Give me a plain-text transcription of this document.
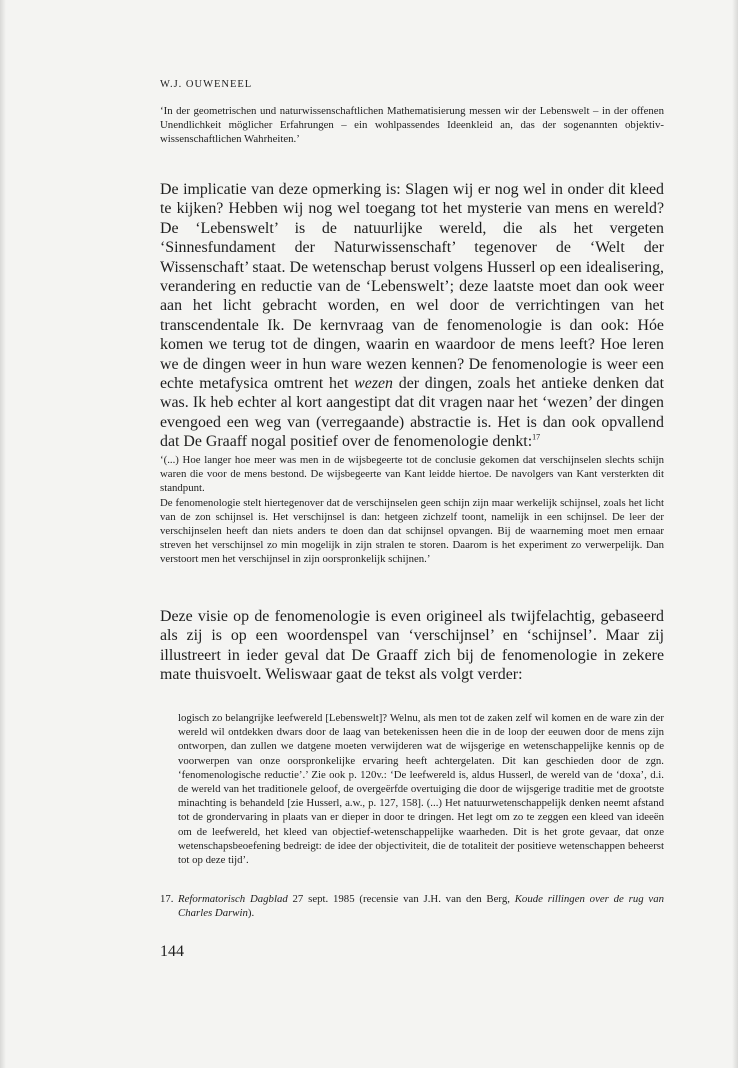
W.J. OUWENEEL

‘In der geometrischen und naturwissenschaftlichen Mathematisierung messen wir der Lebenswelt – in der offenen Unendlichkeit möglicher Erfahrungen – ein wohlpassendes Ideenkleid an, das der sogenannten objektiv-wissenschaftlichen Wahrheiten.’

De implicatie van deze opmerking is: Slagen wij er nog wel in onder dit kleed te kijken? Hebben wij nog wel toegang tot het mysterie van mens en wereld? De ‘Lebenswelt’ is de natuurlijke wereld, die als het vergeten ‘Sinnesfundament der Naturwissenschaft’ tegenover de ‘Welt der Wissenschaft’ staat. De wetenschap berust volgens Husserl op een idealisering, verandering en reductie van de ‘Lebenswelt’; deze laatste moet dan ook weer aan het licht gebracht worden, en wel door de verrichtingen van het transcendentale Ik. De kernvraag van de fenomenologie is dan ook: Hóe komen we terug tot de dingen, waarin en waardoor de mens leeft? Hoe leren we de dingen weer in hun ware wezen kennen? De fenomenologie is weer een echte metafysica omtrent het wezen der dingen, zoals het antieke denken dat was. Ik heb echter al kort aangestipt dat dit vragen naar het ‘wezen’ der dingen evengoed een weg van (verregaande) abstractie is. Het is dan ook opvallend dat De Graaff nogal positief over de fenomenologie denkt:$^{17}$

‘(...) Hoe langer hoe meer was men in de wijsbegeerte tot de conclusie gekomen dat verschijnselen slechts schijn waren die voor de mens bestond. De wijsbegeerte van Kant leidde hiertoe. De navolgers van Kant versterkten dit standpunt.

De fenomenologie stelt hiertegenover dat de verschijnselen geen schijn zijn maar werkelijk schijnsel, zoals het licht van de zon schijnsel is. Het verschijnsel is dan: hetgeen zichzelf toont, namelijk in een schijnsel. De leer der verschijnselen heeft dan niets anders te doen dan dat schijnsel opvangen. Bij de waarneming moet men ernaar streven het verschijnsel zo min mogelijk in zijn stralen te storen. Daarom is het experiment zo verwerpelijk. Dan verstoort men het verschijnsel in zijn oorspronkelijk schijnen.’

Deze visie op de fenomenologie is even origineel als twijfelachtig, gebaseerd als zij is op een woordenspel van ‘verschijnsel’ en ‘schijnsel’. Maar zij illustreert in ieder geval dat De Graaff zich bij de fenomenologie in zekere mate thuisvoelt. Weliswaar gaat de tekst als volgt verder:

logisch zo belangrijke leefwereld [Lebenswelt]? Welnu, als men tot de zaken zelf wil komen en de ware zin der wereld wil ontdekken dwars door de laag van betekenissen heen die in de loop der eeuwen door de mens zijn ontworpen, dan zullen we datgene moeten verwijderen wat de wijsgerige en wetenschappelijke kennis op de voorwerpen van onze oorspronkelijke ervaring heeft achtergelaten. Dit kan geschieden door de zgn. ‘fenomenologische reductie’.’ Zie ook p. 120v.: ‘De leefwereld is, aldus Husserl, de wereld van de ‘doxa’, d.i. de wereld van het traditionele geloof, de overgeërfde overtuiging die door de wijsgerige traditie met de grootste minachting is behandeld [zie Husserl, a.w., p. 127, 158]. (...) Het natuurwetenschappelijk denken neemt afstand tot de grondervaring in plaats van er dieper in door te dringen. Het legt om zo te zeggen een kleed van ideeën om de leefwereld, het kleed van objectief-wetenschappelijke waarheden. Dit is het grote gevaar, dat onze wetenschapsbeoefening bedreigt: de idee der objectiviteit, die de totaliteit der positieve wetenschappen beheerst tot op deze tijd’.

17. Reformatorisch Dagblad 27 sept. 1985 (recensie van J.H. van den Berg, Koude rillingen over de rug van Charles Darwin).

144
